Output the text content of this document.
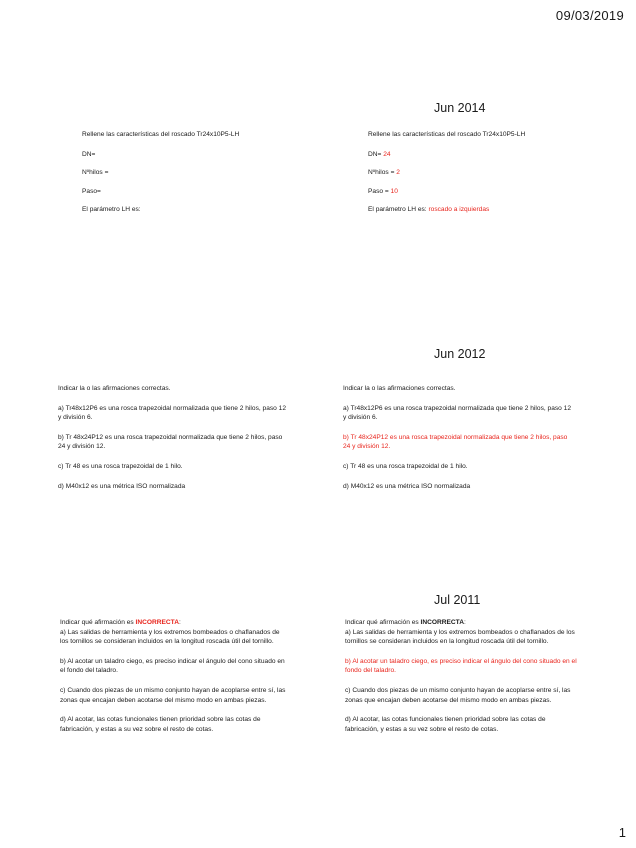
09/03/2019

Rellene las características del roscado Tr24x10P5-LH

DN=

Nºhilos =

Paso=

El parámetro LH es:

Jun 2014

Rellene las características del roscado Tr24x10P5-LH

DN= 24

Nºhilos = 2

Paso = 10

El parámetro LH es: roscado a izquierdas

Indicar la o las afirmaciones correctas.

a) Tr48x12P6 es una rosca trapezoidal normalizada que tiene 2 hilos, paso 12 y división 6.

b) Tr 48x24P12 es una rosca trapezoidal normalizada que tiene 2 hilos, paso 24 y división 12.

c) Tr 48 es una rosca trapezoidal de 1 hilo.

d) M40x12 es una métrica ISO normalizada

Jun 2012

Indicar la o las afirmaciones correctas.

a) Tr48x12P6 es una rosca trapezoidal normalizada que tiene 2 hilos, paso 12 y división 6.

b) Tr 48x24P12 es una rosca trapezoidal normalizada que tiene 2 hilos, paso 24 y división 12.

c) Tr 48 es una rosca trapezoidal de 1 hilo.

d) M40x12 es una métrica ISO normalizada

Indicar qué afirmación es INCORRECTA:

a) Las salidas de herramienta y los extremos bombeados o chaflanados de los tornillos se consideran incluidos en la longitud roscada útil del tornillo.

b) Al acotar un taladro ciego, es preciso indicar el ángulo del cono situado en el fondo del taladro.

c) Cuando dos piezas de un mismo conjunto hayan de acoplarse entre sí, las zonas que encajan deben acotarse del mismo modo en ambas piezas.

d) Al acotar, las cotas funcionales tienen prioridad sobre las cotas de fabricación, y estas a su vez sobre el resto de cotas.

Jul 2011

Indicar qué afirmación es INCORRECTA:

a) Las salidas de herramienta y los extremos bombeados o chaflanados de los tornillos se consideran incluidos en la longitud roscada útil del tornillo.

b) Al acotar un taladro ciego, es preciso indicar el ángulo del cono situado en el fondo del taladro.

c) Cuando dos piezas de un mismo conjunto hayan de acoplarse entre sí, las zonas que encajan deben acotarse del mismo modo en ambas piezas.

d) Al acotar, las cotas funcionales tienen prioridad sobre las cotas de fabricación, y estas a su vez sobre el resto de cotas.

1
